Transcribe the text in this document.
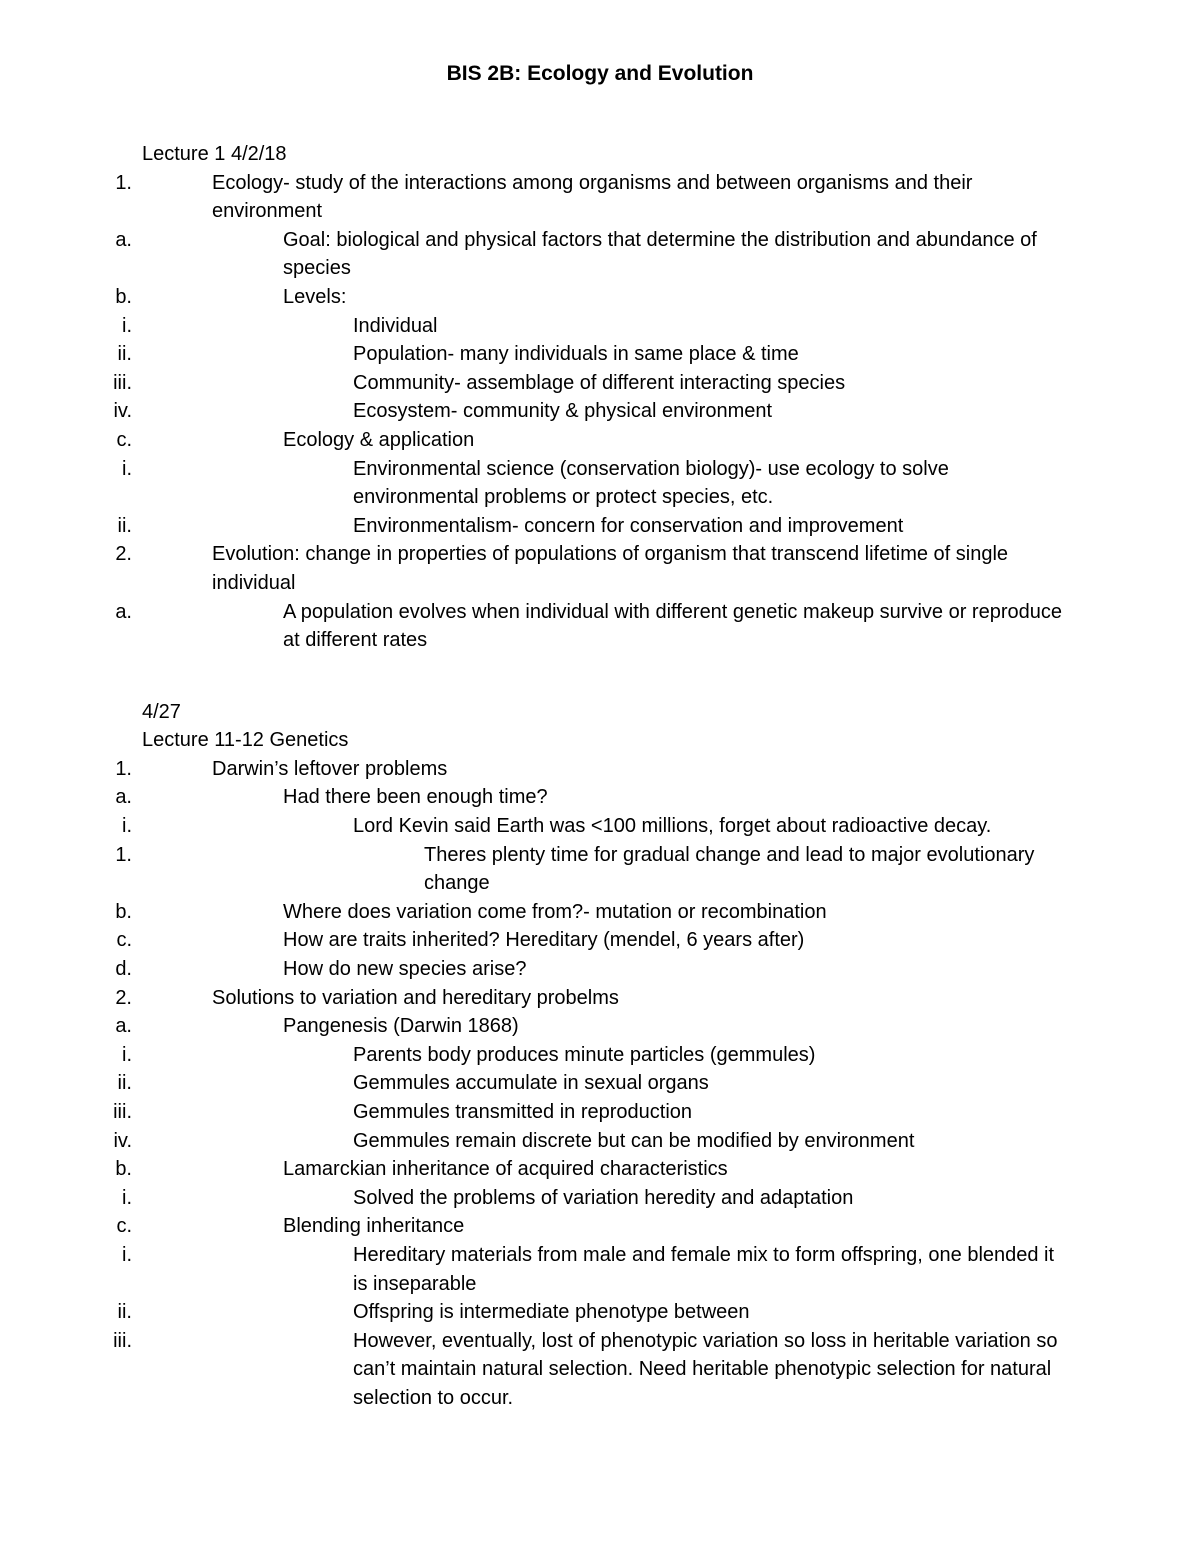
BIS 2B: Ecology and Evolution
Lecture 1 4/2/18
1.	Ecology- study of the interactions among organisms and between organisms and their environment
a.	Goal: biological and physical factors that determine the distribution and abundance of species
b.	Levels:
i.	Individual
ii.	Population- many individuals in same place & time
iii.	Community- assemblage of different interacting species
iv.	Ecosystem- community & physical environment
c.	Ecology & application
i.	Environmental science (conservation biology)- use ecology to solve environmental problems or protect species, etc.
ii.	Environmentalism- concern for conservation and improvement
2.	Evolution: change in properties of populations of organism that transcend lifetime of single individual
a.	A population evolves when individual with different genetic makeup survive or reproduce at different rates
4/27
Lecture 11-12 Genetics
1.	Darwin’s leftover problems
a.	Had there been enough time?
i.	Lord Kevin said Earth was <100 millions, forget about radioactive decay.
1.	Theres plenty time for gradual change and lead to major evolutionary change
b.	Where does variation come from?- mutation or recombination
c.	How are traits inherited? Hereditary (mendel, 6 years after)
d.	How do new species arise?
2.	Solutions to variation and hereditary probelms
a.	Pangenesis (Darwin 1868)
i.	Parents body produces minute particles (gemmules)
ii.	Gemmules accumulate in sexual organs
iii.	Gemmules transmitted in reproduction
iv.	Gemmules remain discrete but can be modified by environment
b.	Lamarckian inheritance of acquired characteristics
i.	Solved the problems of variation heredity and adaptation
c.	Blending inheritance
i.	Hereditary materials from male and female mix to form offspring, one blended it is inseparable
ii.	Offspring is intermediate phenotype between
iii.	However, eventually, lost of phenotypic variation so loss in heritable variation so can’t maintain natural selection. Need heritable phenotypic selection for natural selection to occur.
